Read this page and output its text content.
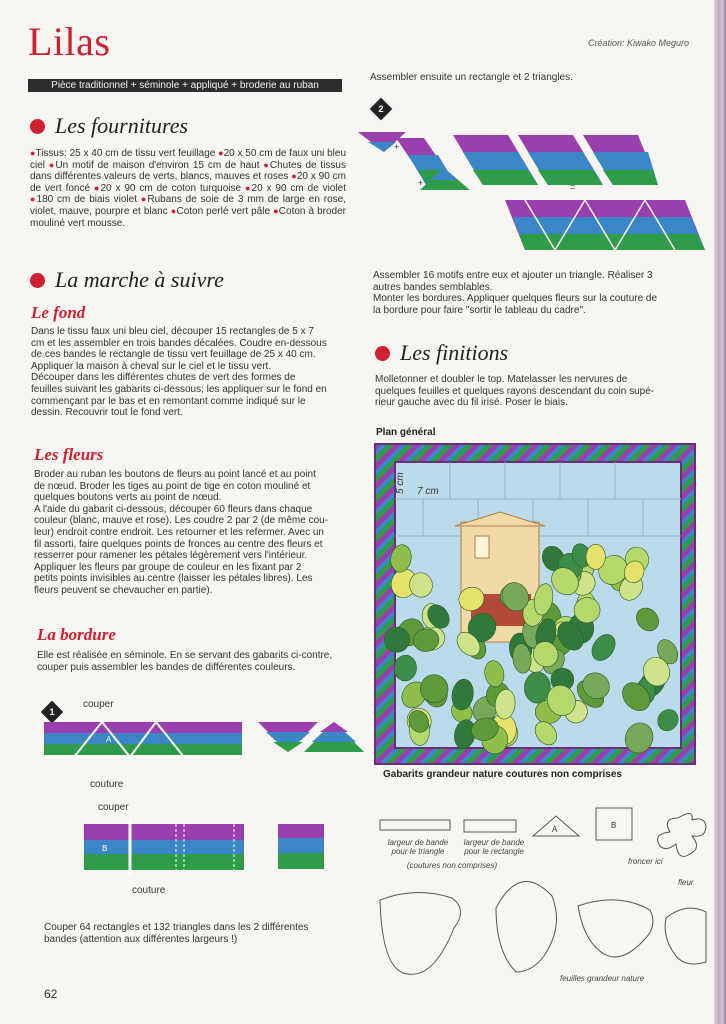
Lilas	Création: Kiwako Meguro
Pièce traditionnel + séminole + appliqué + broderie au ruban
Les fournitures
●Tissus: 25 x 40 cm de tissu vert feuillage ●20 x 50 cm de faux uni bleu ciel ●Un motif de maison d'environ 15 cm de haut ●Chutes de tissus dans différentes valeurs de verts, blancs, mauves et roses ●20 x 90 cm de vert foncé ●20 x 90 cm de coton turquoise ●20 x 90 cm de violet ●180 cm de biais violet ●Rubans de soie de 3 mm de large en rose, violet, mauve, pourpre et blanc ●Coton perlé vert pâle ●Coton à broder mouliné vert mousse.
La marche à suivre
Le fond
Dans le tissu faux uni bleu ciel, découper 15 rectangles de 5 x 7
cm et les assembler en trois bandes décalées. Coudre en-dessous
de ces bandes le rectangle de tissu vert feuillage de 25 x 40 cm.
Appliquer la maison à cheval sur le ciel et le tissu vert.
Découper dans les différentes chutes de vert des formes de
feuilles suivant les gabarits ci-dessous; les appliquer sur le fond en
commençant par le bas et en remontant comme indiqué sur le
dessin. Recouvrir tout le fond vert.
Les fleurs
Broder au ruban les boutons de fleurs au point lancé et au point
de nœud. Broder les tiges au point de tige en coton mouliné et
quelques boutons verts au point de nœud.
A l'aide du gabarit ci-dessous, découper 60 fleurs dans chaque
couleur (blanc, mauve et rose). Les coudre 2 par 2 (de même cou-
leur) endroit contre endroit. Les retourner et les refermer. Avec un
fil assorti, faire quelques points de fronces au centre des fleurs et
resserrer pour ramener les pétales légèrement vers l'intérieur.
Appliquer les fleurs par groupe de couleur en les fixant par 2
petits points invisibles au centre (laisser les pétales libres). Les
fleurs peuvent se chevaucher en partie).
La bordure
Elle est réalisée en séminole. En se servant des gabarits ci-contre,
couper puis assembler les bandes de différentes couleurs.
1
couper
A
couture
couper
B
couture
Couper 64 rectangles et 132 triangles dans les 2 différentes
bandes (attention aux différentes largeurs !)
62
Assembler ensuite un rectangle et 2 triangles.
2
+
+	=
Assembler 16 motifs entre eux et ajouter un triangle. Réaliser 3
autres bandes semblables.
Monter les bordures. Appliquer quelques fleurs sur la couture de
la bordure pour faire "sortir le tableau du cadre".
Les finitions
Molletonner et doubler le top. Matelasser les nervures de
quelques feuilles et quelques rayons descendant du coin supé-
rieur gauche avec du fil irisé. Poser le biais.
Plan général
5 cm 7 cm
Gabarits grandeur nature coutures non comprises
A	B
largeur de bande
pour le triangle
largeur de bande
pour le rectangle
(coutures non comprises)	froncer ici
fleur
feuilles grandeur nature
